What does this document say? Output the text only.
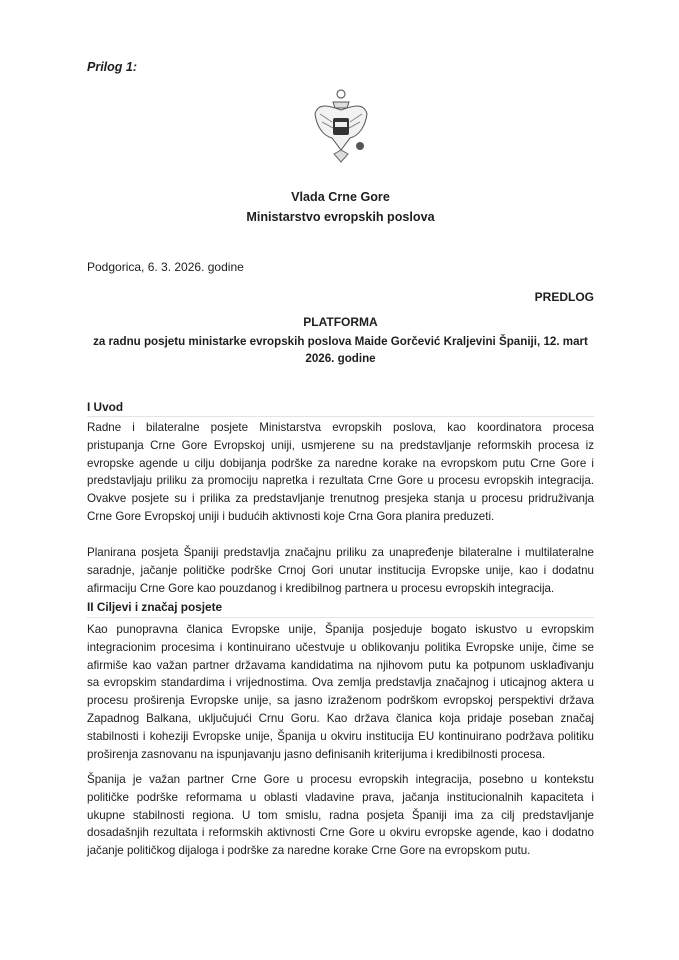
Prilog 1:
Vlada Crne Gore
Ministarstvo evropskih poslova
Podgorica, 6. 3. 2026. godine
PREDLOG
PLATFORMA
za radnu posjetu ministarke evropskih poslova Maide Gorčević Kraljevini Španiji, 12. mart
2026. godine
I Uvod
Radne i bilateralne posjete Ministarstva evropskih poslova, kao koordinatora procesa
pristupanja Crne Gore Evropskoj uniji, usmjerene su na predstavljanje reformskih procesa iz
evropske agende u cilju dobijanja podrške za naredne korake na evropskom putu Crne Gore i
predstavljaju priliku za promociju napretka i rezultata Crne Gore u procesu evropskih integracija.
Ovakve posjete su i prilika za predstavljanje trenutnog presjeka stanja u procesu pridruživanja
Crne Gore Evropskoj uniji i budućih aktivnosti koje Crna Gora planira preduzeti.
Planirana posjeta Španiji predstavlja značajnu priliku za unapređenje bilateralne i multilateralne
saradnje, jačanje političke podrške Crnoj Gori unutar institucija Evropske unije, kao i dodatnu
afirmaciju Crne Gore kao pouzdanog i kredibilnog partnera u procesu evropskih integracija.
II Ciljevi i značaj posjete
Kao punopravna članica Evropske unije, Španija posjeduje bogato iskustvo u evropskim
integracionim procesima i kontinuirano učestvuje u oblikovanju politika Evropske unije, čime se
afirmiše kao važan partner državama kandidatima na njihovom putu ka potpunom usklađivanju
sa evropskim standardima i vrijednostima. Ova zemlja predstavlja značajnog i uticajnog aktera u
procesu proširenja Evropske unije, sa jasno izraženom podrškom evropskoj perspektivi država
Zapadnog Balkana, uključujući Crnu Goru. Kao država članica koja pridaje poseban značaj
stabilnosti i koheziji Evropske unije, Španija u okviru institucija EU kontinuirano podržava politiku
proširenja zasnovanu na ispunjavanju jasno definisanih kriterijuma i kredibilnosti procesa.
Španija je važan partner Crne Gore u procesu evropskih integracija, posebno u kontekstu
političke podrške reformama u oblasti vladavine prava, jačanja institucionalnih kapaciteta i
ukupne stabilnosti regiona. U tom smislu, radna posjeta Španiji ima za cilj predstavljanje
dosadašnjih rezultata i reformskih aktivnosti Crne Gore u okviru evropske agende, kao i dodatno
jačanje političkog dijaloga i podrške za naredne korake Crne Gore na evropskom putu.
